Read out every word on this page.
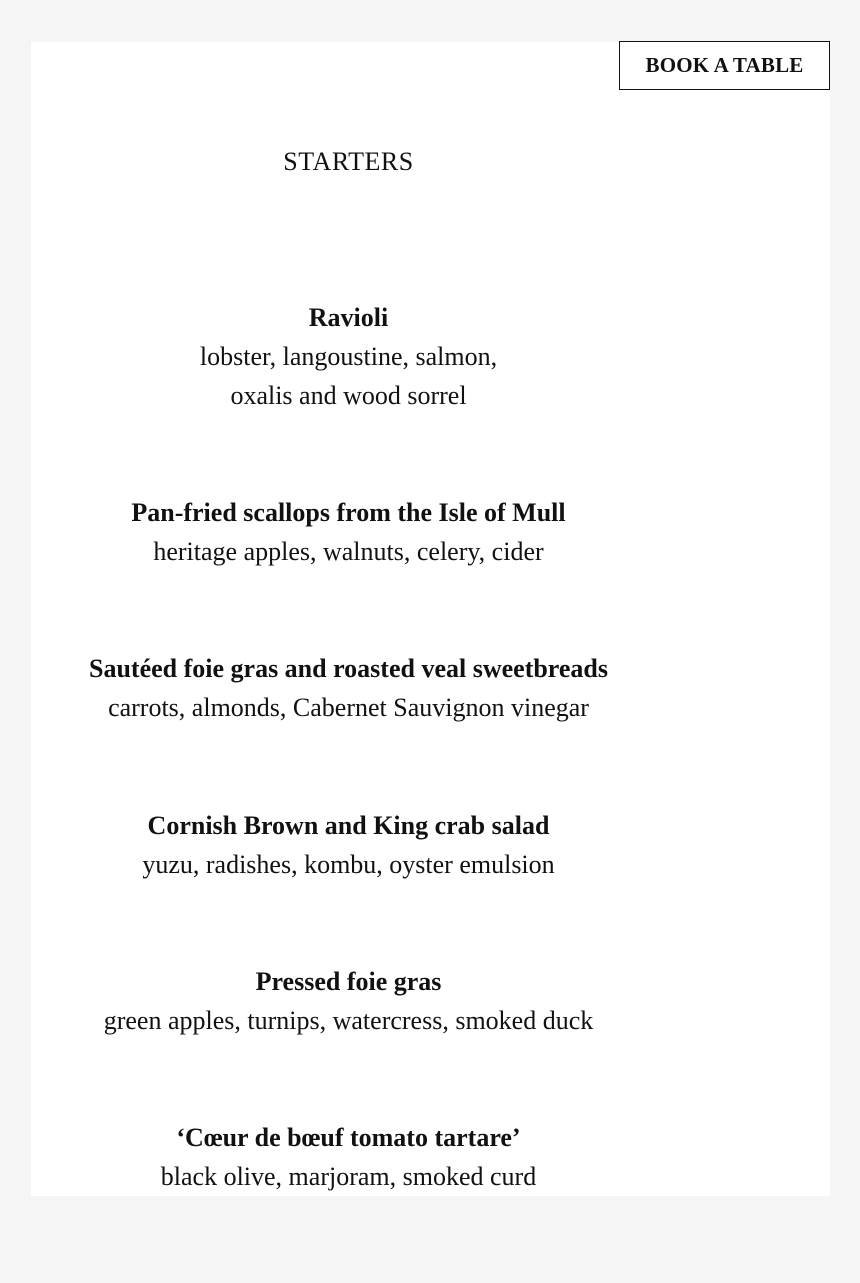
BOOK A TABLE
STARTERS
Ravioli
lobster, langoustine, salmon,
oxalis and wood sorrel
Pan-fried scallops from the Isle of Mull
heritage apples, walnuts, celery, cider
Sautéed foie gras and roasted veal sweetbreads
carrots, almonds, Cabernet Sauvignon vinegar
Cornish Brown and King crab salad
yuzu, radishes, kombu, oyster emulsion
Pressed foie gras
green apples, turnips, watercress, smoked duck
‘Cœur de bœuf tomato tartare’
black olive, marjoram, smoked curd
